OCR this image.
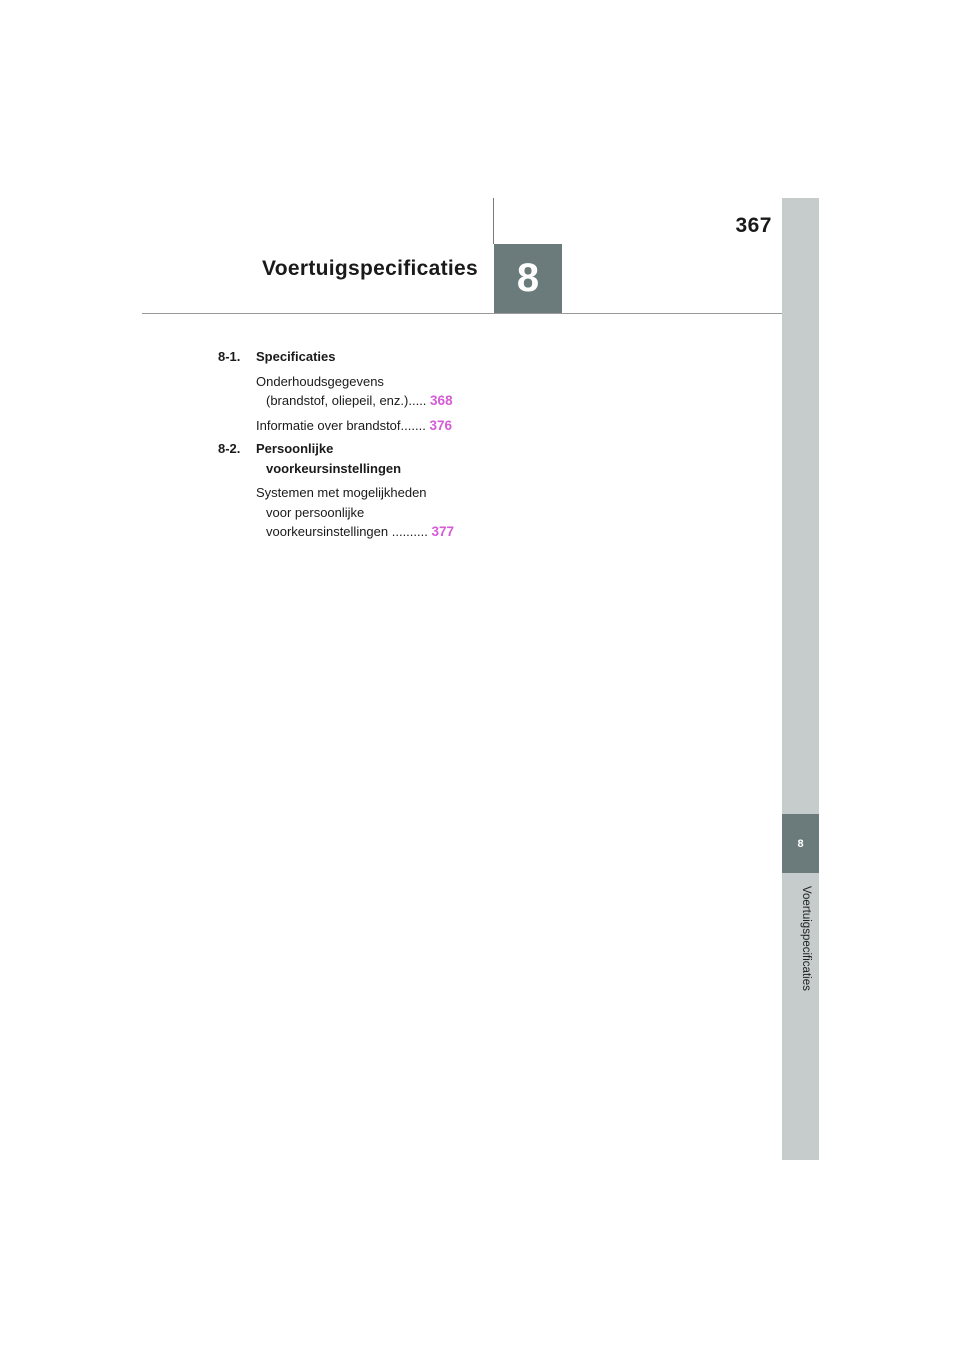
367
Voertuigspecificaties 8
8
Voertuigspecificaties
8-1.	Specificaties
Onderhoudsgegevens
(brandstof, oliepeil, enz.)..... 368
Informatie over brandstof....... 376
8-2.	Persoonlijke
voorkeursinstellingen
Systemen met mogelijkheden
voor persoonlijke
voorkeursinstellingen .......... 377
